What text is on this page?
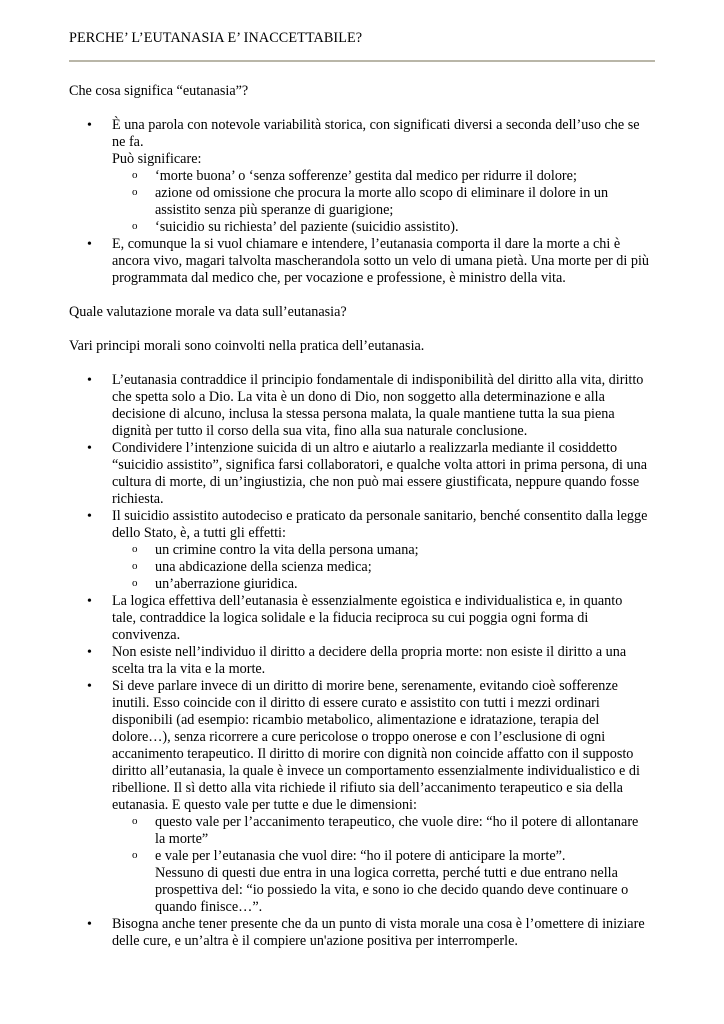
PERCHE’ L’EUTANASIA E’ INACCETTABILE?

Che cosa significa “eutanasia”?

• È una parola con notevole variabilità storica, con significati diversi a seconda dell’uso che se ne fa.
Può significare:
o ‘morte buona’ o ‘senza sofferenze’ gestita dal medico per ridurre il dolore;
o azione od omissione che procura la morte allo scopo di eliminare il dolore in un assistito senza più speranze di guarigione;
o ‘suicidio su richiesta’ del paziente (suicidio assistito).
• E, comunque la si vuol chiamare e intendere, l’eutanasia comporta il dare la morte a chi è ancora vivo, magari talvolta mascherandola sotto un velo di umana pietà. Una morte per di più programmata dal medico che, per vocazione e professione, è ministro della vita.

Quale valutazione morale va data sull’eutanasia?

Vari principi morali sono coinvolti nella pratica dell’eutanasia.

• L’eutanasia contraddice il principio fondamentale di indisponibilità del diritto alla vita, diritto che spetta solo a Dio. La vita è un dono di Dio, non soggetto alla determinazione e alla decisione di alcuno, inclusa la stessa persona malata, la quale mantiene tutta la sua piena dignità per tutto il corso della sua vita, fino alla sua naturale conclusione.
• Condividere l’intenzione suicida di un altro e aiutarlo a realizzarla mediante il cosiddetto “suicidio assistito”, significa farsi collaboratori, e qualche volta attori in prima persona, di una cultura di morte, di un’ingiustizia, che non può mai essere giustificata, neppure quando fosse richiesta.
• Il suicidio assistito autodeciso e praticato da personale sanitario, benché consentito dalla legge dello Stato, è, a tutti gli effetti:
o un crimine contro la vita della persona umana;
o una abdicazione della scienza medica;
o un’aberrazione giuridica.
• La logica effettiva dell’eutanasia è essenzialmente egoistica e individualistica e, in quanto tale, contraddice la logica solidale e la fiducia reciproca su cui poggia ogni forma di convivenza.
• Non esiste nell’individuo il diritto a decidere della propria morte: non esiste il diritto a una scelta tra la vita e la morte.
• Si deve parlare invece di un diritto di morire bene, serenamente, evitando cioè sofferenze inutili. Esso coincide con il diritto di essere curato e assistito con tutti i mezzi ordinari disponibili (ad esempio: ricambio metabolico, alimentazione e idratazione, terapia del dolore…), senza ricorrere a cure pericolose o troppo onerose e con l’esclusione di ogni accanimento terapeutico. Il diritto di morire con dignità non coincide affatto con il supposto diritto all’eutanasia, la quale è invece un comportamento essenzialmente individualistico e di ribellione. Il sì detto alla vita richiede il rifiuto sia dell’accanimento terapeutico e sia della eutanasia. E questo vale per tutte e due le dimensioni:
o questo vale per l’accanimento terapeutico, che vuole dire: “ho il potere di allontanare la morte”
o e vale per l’eutanasia che vuol dire: “ho il potere di anticipare la morte”.
Nessuno di questi due entra in una logica corretta, perché tutti e due entrano nella prospettiva del: “io possiedo la vita, e sono io che decido quando deve continuare o quando finisce…”.
• Bisogna anche tener presente che da un punto di vista morale una cosa è l’omettere di iniziare delle cure, e un’altra è il compiere un'azione positiva per interromperle.
